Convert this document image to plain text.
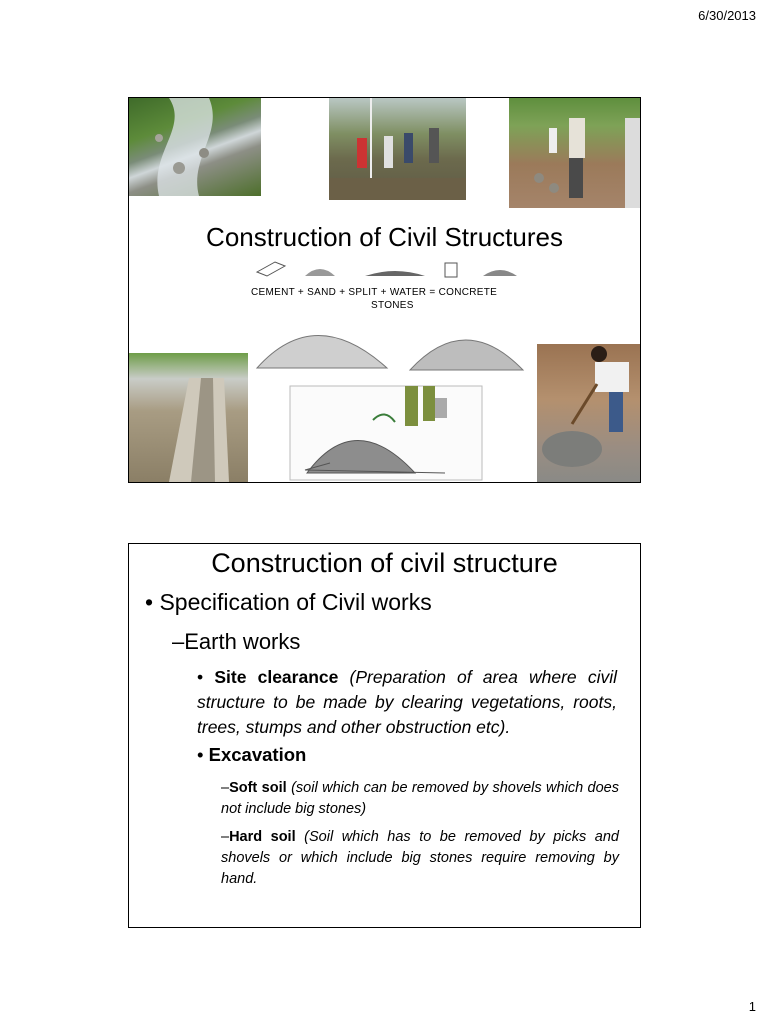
6/30/2013
Construction of Civil Structures
CEMENT + SAND + SPLIT + WATER = CONCRETE
STONES
Construction of civil structure
• Specification of Civil works
–Earth works
• Site clearance (Preparation of area where civil structure to be made by clearing vegetations, roots, trees, stumps and other obstruction etc).
• Excavation
–Soft soil (soil which can be removed by shovels which does not include big stones)
–Hard soil (Soil which has to be removed by picks and shovels or which include big stones require removing by hand.
1
